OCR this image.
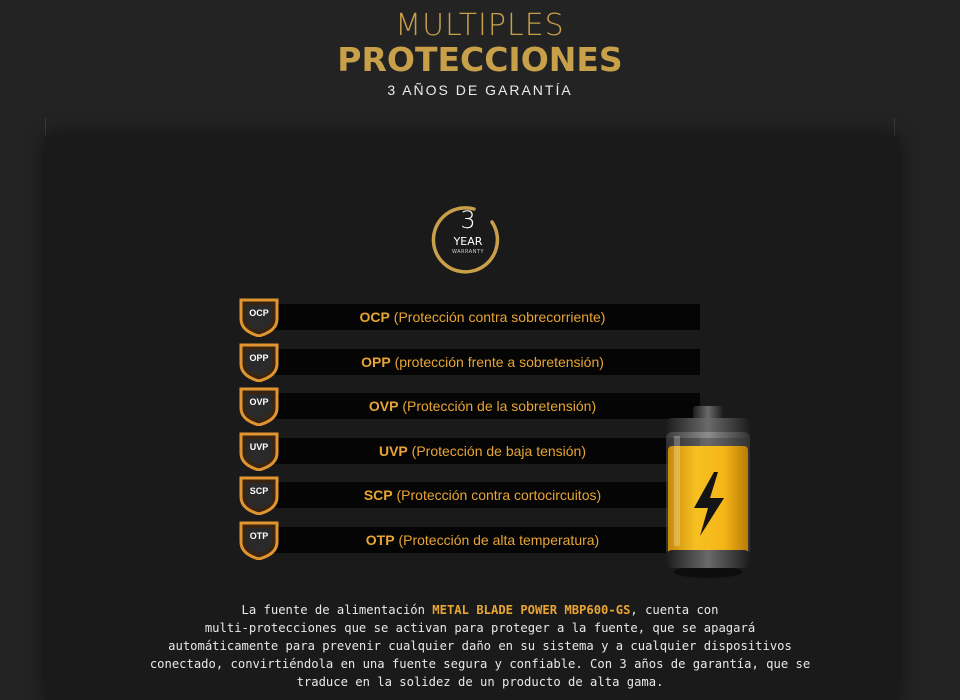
MULTIPLES
PROTECCIONES
3 AÑOS DE GARANTÍA
3
YEAR
WARRANTY
OCP (Protección contra sobrecorriente)
OCP
OPP (protección frente a sobretensión)
OPP
OVP (Protección de la sobretensión)
OVP
UVP (Protección de baja tensión)
UVP
SCP (Protección contra cortocircuitos)
SCP
OTP (Protección de alta temperatura)
OTP
La fuente de alimentación METAL BLADE POWER MBP600-GS, cuenta con
multi-protecciones que se activan para proteger a la fuente, que se apagará
automáticamente para prevenir cualquier daño en su sistema y a cualquier dispositivos
conectado, convirtiéndola en una fuente segura y confiable. Con 3 años de garantía, que se
traduce en la solidez de un producto de alta gama.
